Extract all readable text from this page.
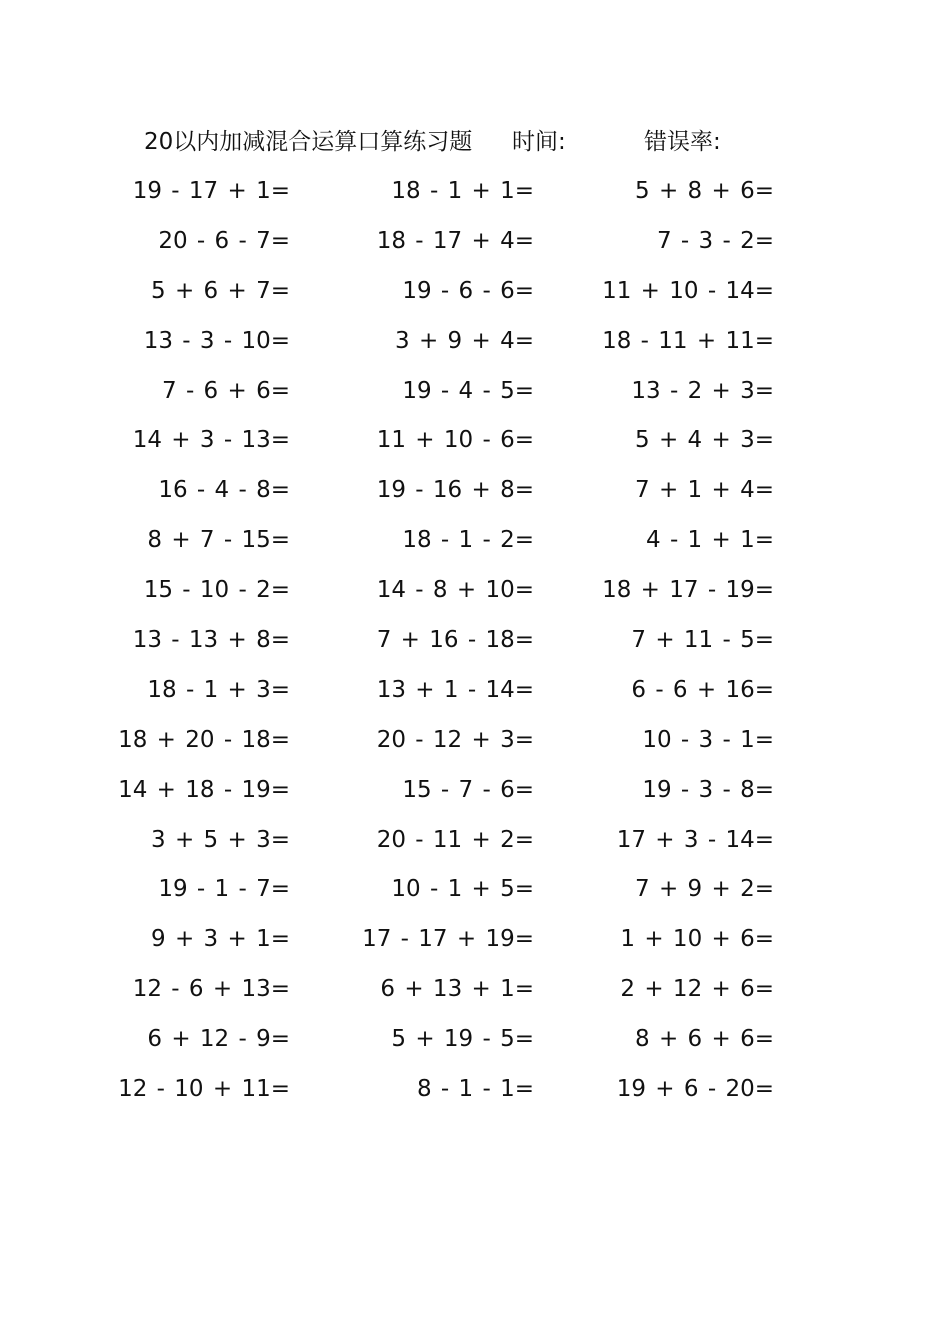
20以内加减混合运算口算练习题 时间:	错误率:
19 - 17 + 1=	18 - 1 + 1=	5 + 8 + 6=
20 - 6 - 7=	18 - 17 + 4=	7 - 3 - 2=
5 + 6 + 7=	19 - 6 - 6=	11 + 10 - 14=
13 - 3 - 10=	3 + 9 + 4=	18 - 11 + 11=
7 - 6 + 6=	19 - 4 - 5=	13 - 2 + 3=
14 + 3 - 13=	11 + 10 - 6=	5 + 4 + 3=
16 - 4 - 8=	19 - 16 + 8=	7 + 1 + 4=
8 + 7 - 15=	18 - 1 - 2=	4 - 1 + 1=
15 - 10 - 2=	14 - 8 + 10=	18 + 17 - 19=
13 - 13 + 8=	7 + 16 - 18=	7 + 11 - 5=
18 - 1 + 3=	13 + 1 - 14=	6 - 6 + 16=
18 + 20 - 18=	20 - 12 + 3=	10 - 3 - 1=
14 + 18 - 19=	15 - 7 - 6=	19 - 3 - 8=
3 + 5 + 3=	20 - 11 + 2=	17 + 3 - 14=
19 - 1 - 7=	10 - 1 + 5=	7 + 9 + 2=
9 + 3 + 1=	17 - 17 + 19=	1 + 10 + 6=
12 - 6 + 13=	6 + 13 + 1=	2 + 12 + 6=
6 + 12 - 9=	5 + 19 - 5=	8 + 6 + 6=
12 - 10 + 11=	8 - 1 - 1=	19 + 6 - 20=
